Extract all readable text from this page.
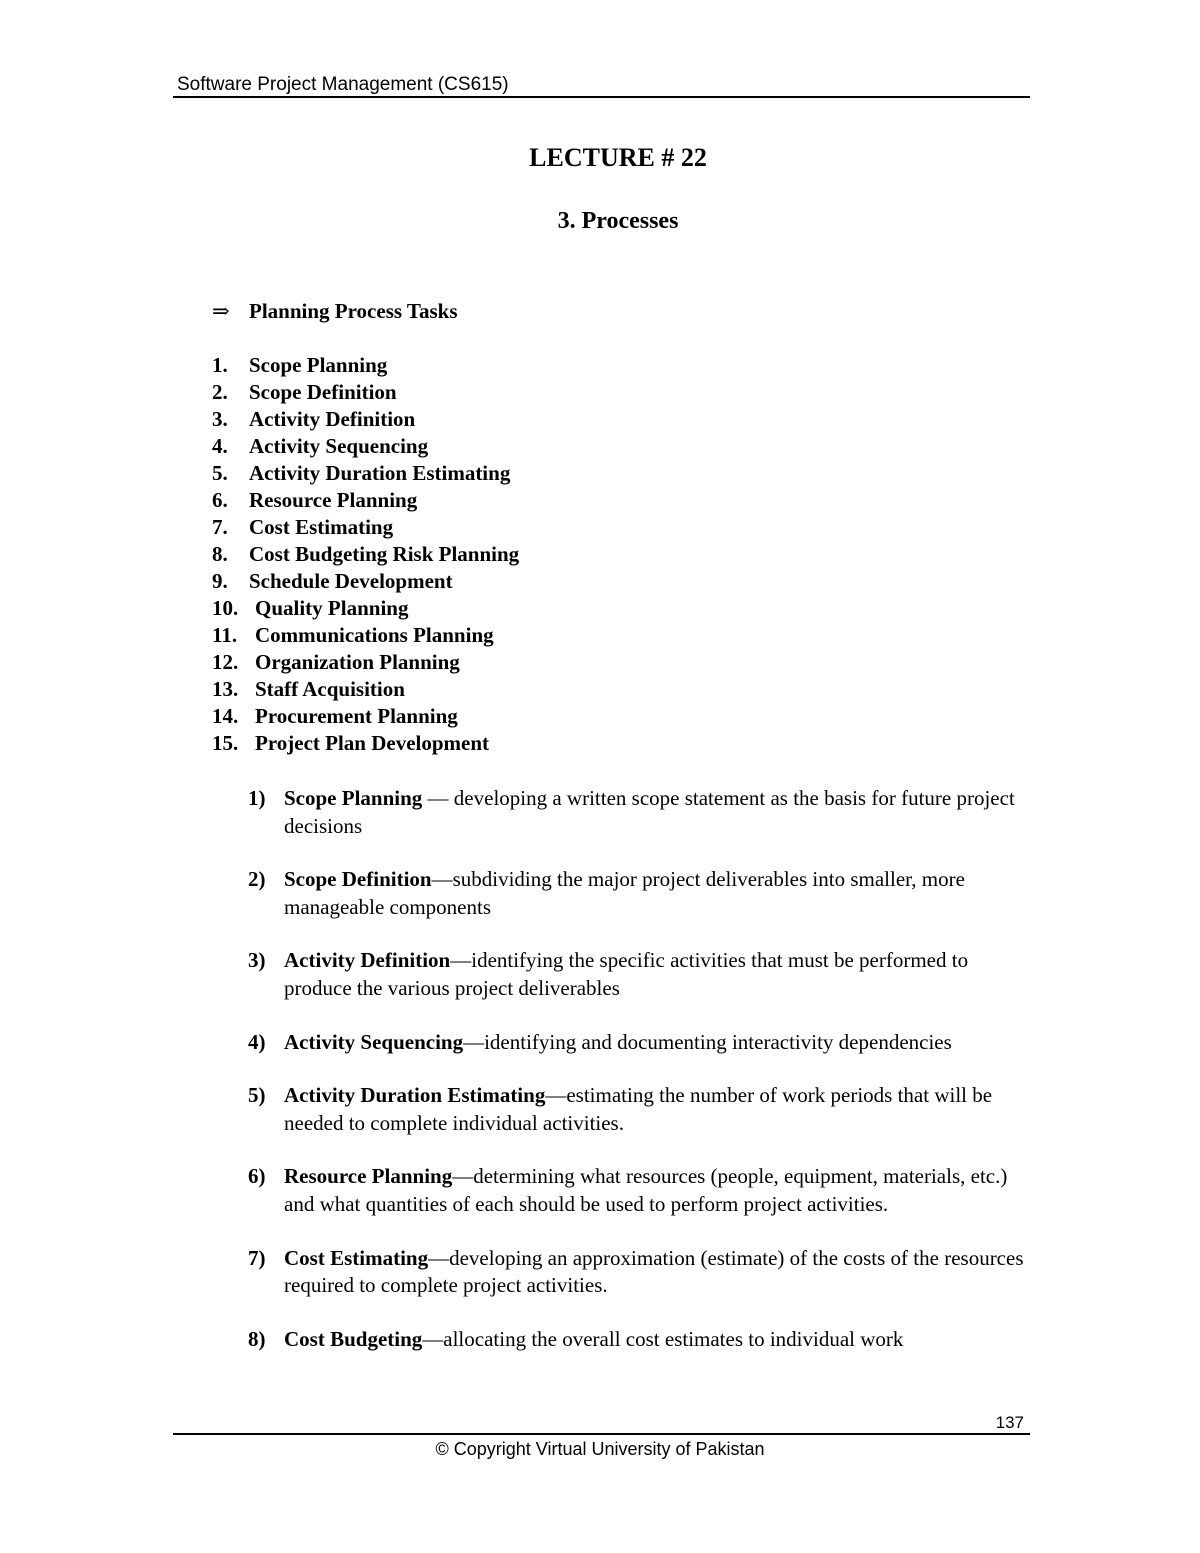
Software Project Management (CS615)
LECTURE # 22
3. Processes
⇒ Planning Process Tasks
1. Scope Planning
2. Scope Definition
3. Activity Definition
4. Activity Sequencing
5. Activity Duration Estimating
6. Resource Planning
7. Cost Estimating
8. Cost Budgeting Risk Planning
9. Schedule Development
10. Quality Planning
11. Communications Planning
12. Organization Planning
13. Staff Acquisition
14. Procurement Planning
15. Project Plan Development
1) Scope Planning — developing a written scope statement as the basis for future project decisions
2) Scope Definition—subdividing the major project deliverables into smaller, more manageable components
3) Activity Definition—identifying the specific activities that must be performed to produce the various project deliverables
4) Activity Sequencing—identifying and documenting interactivity dependencies
5) Activity Duration Estimating—estimating the number of work periods that will be needed to complete individual activities.
6) Resource Planning—determining what resources (people, equipment, materials, etc.) and what quantities of each should be used to perform project activities.
7) Cost Estimating—developing an approximation (estimate) of the costs of the resources required to complete project activities.
8) Cost Budgeting—allocating the overall cost estimates to individual work
137
© Copyright Virtual University of Pakistan
